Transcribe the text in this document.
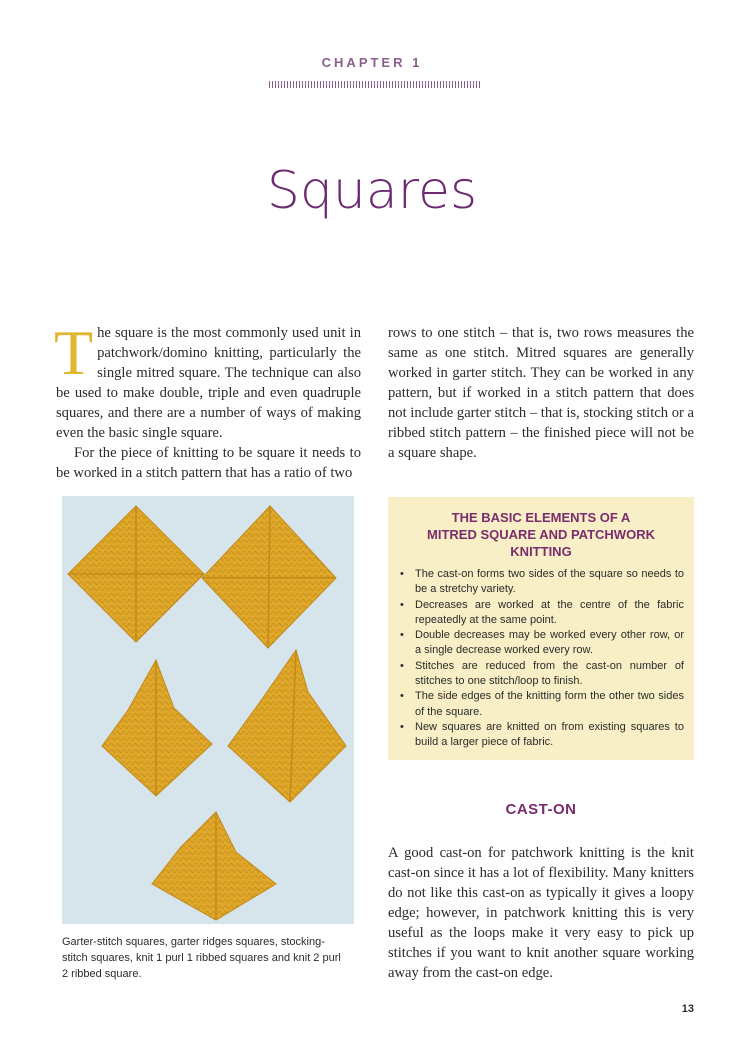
CHAPTER 1
Squares

The square is the most commonly used unit in patchwork/domino knitting, particularly the single mitred square. The technique can also be used to make double, triple and even quadruple squares, and there are a number of ways of making even the basic single square.

For the piece of knitting to be square it needs to be worked in a stitch pattern that has a ratio of two

Garter-stitch squares, garter ridges squares, stocking-stitch squares, knit 1 purl 1 ribbed squares and knit 2 purl 2 ribbed square.
rows to one stitch – that is, two rows measures the same as one stitch. Mitred squares are generally worked in garter stitch. They can be worked in any pattern, but if worked in a stitch pattern that does not include garter stitch – that is, stocking stitch or a ribbed stitch pattern – the finished piece will not be a square shape.
THE BASIC ELEMENTS OF A
MITRED SQUARE AND PATCHWORK
KNITTING
• The cast-on forms two sides of the square so needs to be a stretchy variety.
• Decreases are worked at the centre of the fabric repeatedly at the same point.
• Double decreases may be worked every other row, or a single decrease worked every row.
• Stitches are reduced from the cast-on number of stitches to one stitch/loop to finish.
• The side edges of the knitting form the other two sides of the square.
• New squares are knitted on from existing squares to build a larger piece of fabric.
CAST-ON
A good cast-on for patchwork knitting is the knit cast-on since it has a lot of flexibility. Many knitters do not like this cast-on as typically it gives a loopy edge; however, in patchwork knitting this is very useful as the loops make it very easy to pick up stitches if you want to knit another square working away from the cast-on edge.
13
